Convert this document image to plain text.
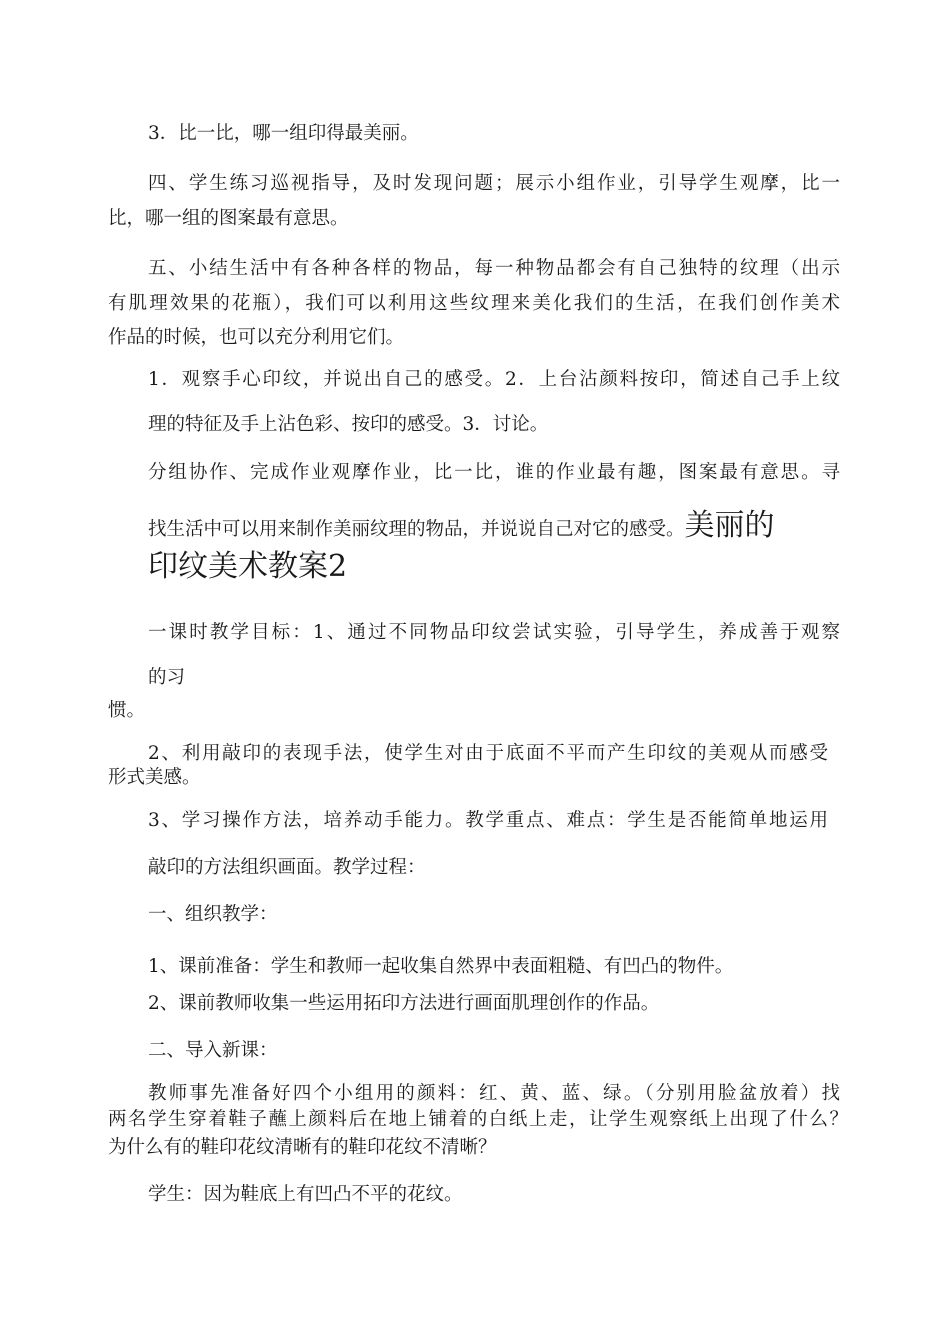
3．比一比，哪一组印得最美丽。

四、学生练习巡视指导，及时发现问题；展示小组作业，引导学生观摩，比一

比，哪一组的图案最有意思。

五、小结生活中有各种各样的物品，每一种物品都会有自己独特的纹理（出示

有肌理效果的花瓶），我们可以利用这些纹理来美化我们的生活，在我们创作美术

作品的时候，也可以充分利用它们。

1．观察手心印纹，并说出自己的感受。2．上台沾颜料按印，简述自己手上纹

理的特征及手上沾色彩、按印的感受。3．讨论。

分组协作、完成作业观摩作业，比一比，谁的作业最有趣，图案最有意思。寻

找生活中可以用来制作美丽纹理的物品，并说说自己对它的感受。美丽的

印纹美术教案2

一课时教学目标：1、通过不同物品印纹尝试实验，引导学生，养成善于观察

的习

惯。

2、利用敲印的表现手法，使学生对由于底面不平而产生印纹的美观从而感受

形式美感。

3、学习操作方法，培养动手能力。教学重点、难点：学生是否能简单地运用

敲印的方法组织画面。教学过程：

一、组织教学：

1、课前准备：学生和教师一起收集自然界中表面粗糙、有凹凸的物件。

2、课前教师收集一些运用拓印方法进行画面肌理创作的作品。

二、导入新课：

教师事先准备好四个小组用的颜料：红、黄、蓝、绿。（分别用脸盆放着）找

两名学生穿着鞋子蘸上颜料后在地上铺着的白纸上走，让学生观察纸上出现了什么？

为什么有的鞋印花纹清晰有的鞋印花纹不清晰？

学生：因为鞋底上有凹凸不平的花纹。
